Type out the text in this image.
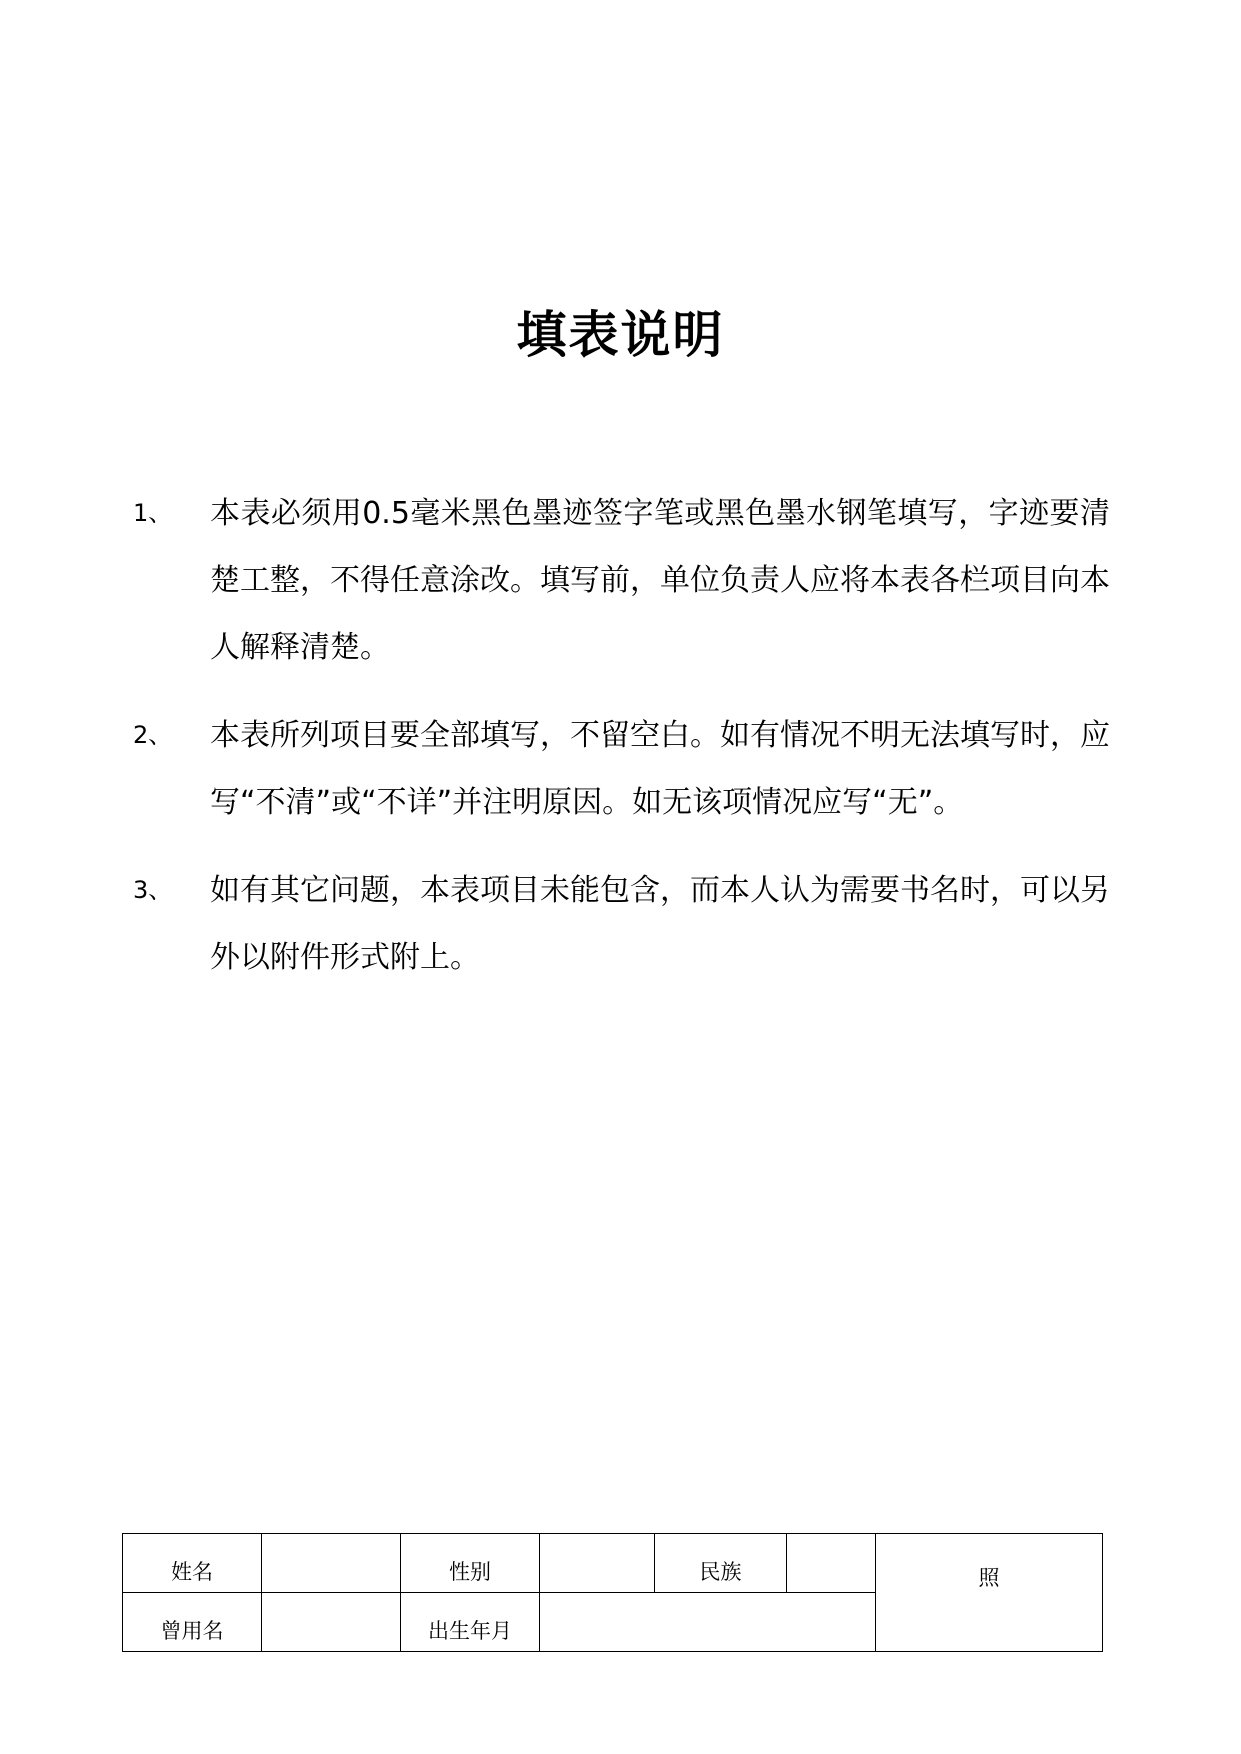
填表说明
1、 本表必须用0.5毫米黑色墨迹签字笔或黑色墨水钢笔填写，字迹要清楚工整，不得任意涂改。填写前，单位负责人应将本表各栏项目向本人解释清楚。
2、 本表所列项目要全部填写，不留空白。如有情况不明无法填写时，应写“不清”或“不详”并注明原因。如无该项情况应写“无”。
3、 如有其它问题，本表项目未能包含，而本人认为需要书名时，可以另外以附件形式附上。
姓名		性别		民族		照
曾用名		出生年月				
